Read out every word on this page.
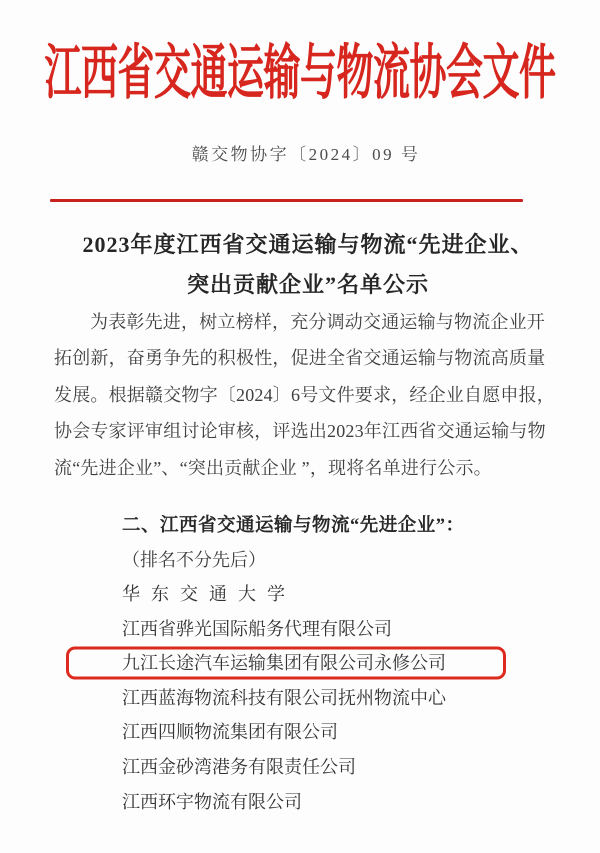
江西省交通运输与物流协会文件
赣交物协字〔2024〕09 号
2023年度江西省交通运输与物流“先进企业、
突出贡献企业”名单公示
为表彰先进，树立榜样，充分调动交通运输与物流企业开
拓创新，奋勇争先的积极性，促进全省交通运输与物流高质量
发展。根据赣交物字〔2024〕6号文件要求，经企业自愿申报，
协会专家评审组讨论审核，评选出2023年江西省交通运输与物
流“先进企业”、“突出贡献企业 ”，现将名单进行公示。
二、江西省交通运输与物流“先进企业”：
（排名不分先后）
华东交通大学
江西省骅光国际船务代理有限公司
九江长途汽车运输集团有限公司永修公司
江西蓝海物流科技有限公司抚州物流中心
江西四顺物流集团有限公司
江西金砂湾港务有限责任公司
江西环宇物流有限公司
